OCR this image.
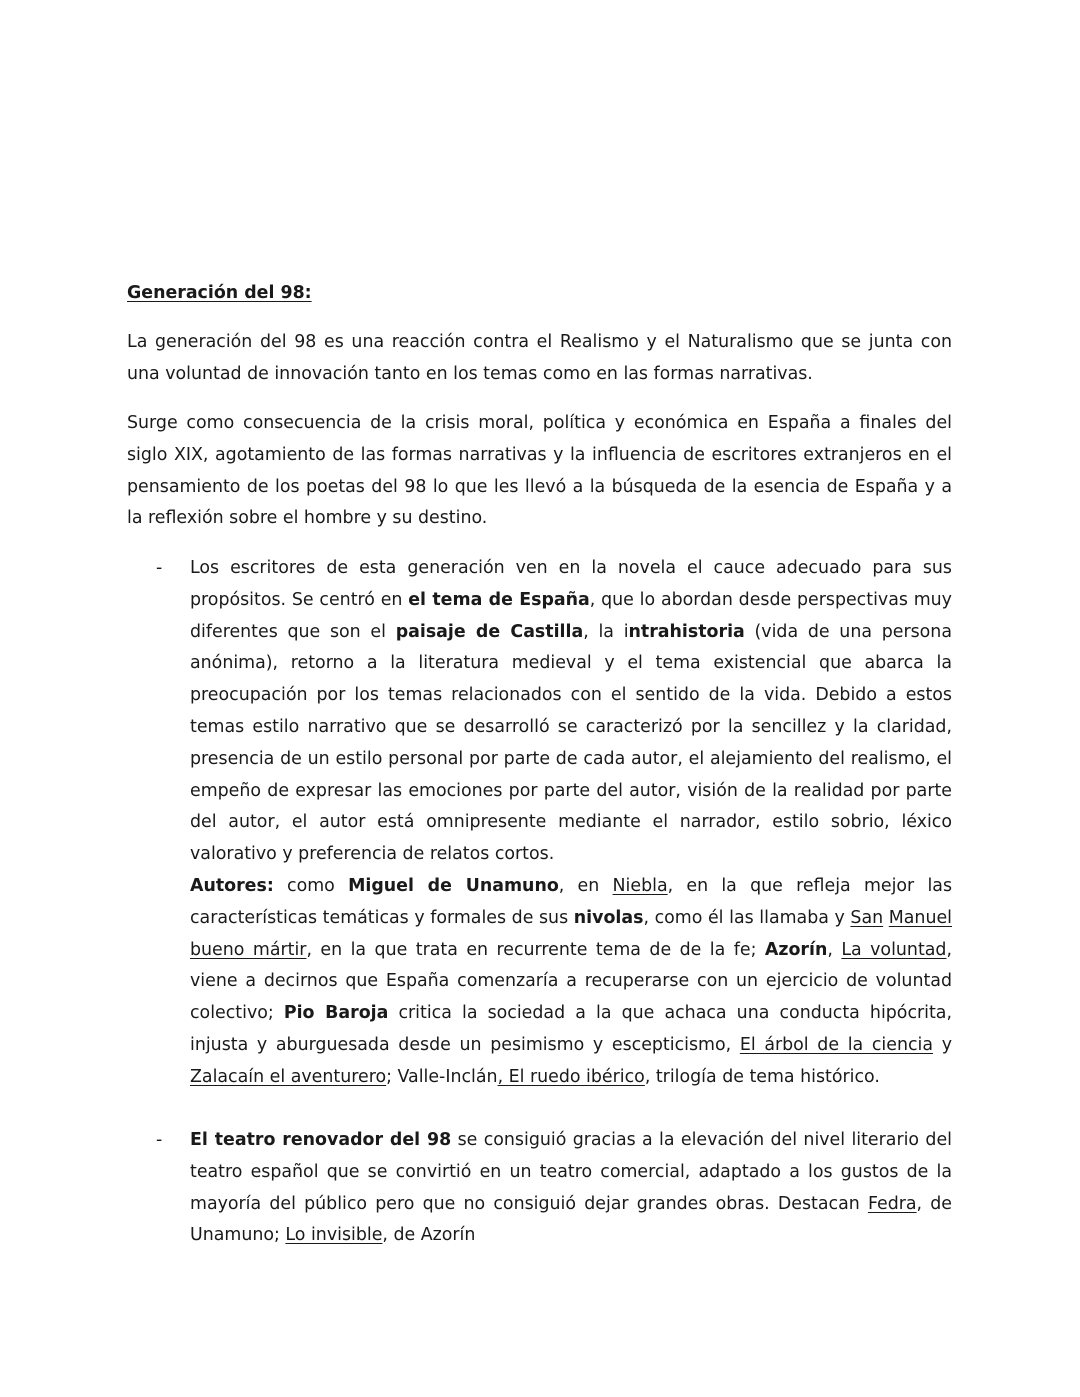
Generación del 98:

La generación del 98 es una reacción contra el Realismo y el Naturalismo que se junta con una voluntad de innovación tanto en los temas como en las formas narrativas.

Surge como consecuencia de la crisis moral, política y económica en España a finales del siglo XIX, agotamiento de las formas narrativas y la influencia de escritores extranjeros en el pensamiento de los poetas del 98 lo que les llevó a la búsqueda de la esencia de España y a la reflexión sobre el hombre y su destino.

- Los escritores de esta generación ven en la novela el cauce adecuado para sus propósitos. Se centró en el tema de España, que lo abordan desde perspectivas muy diferentes que son el paisaje de Castilla, la intrahistoria (vida de una persona anónima), retorno a la literatura medieval y el tema existencial que abarca la preocupación por los temas relacionados con el sentido de la vida. Debido a estos temas estilo narrativo que se desarrolló se caracterizó por la sencillez y la claridad, presencia de un estilo personal por parte de cada autor, el alejamiento del realismo, el empeño de expresar las emociones por parte del autor, visión de la realidad por parte del autor, el autor está omnipresente mediante el narrador, estilo sobrio, léxico valorativo y preferencia de relatos cortos.

Autores: como Miguel de Unamuno, en Niebla, en la que refleja mejor las características temáticas y formales de sus nivolas, como él las llamaba y San Manuel bueno mártir, en la que trata en recurrente tema de de la fe; Azorín, La voluntad, viene a decirnos que España comenzaría a recuperarse con un ejercicio de voluntad colectivo; Pio Baroja critica la sociedad a la que achaca una conducta hipócrita, injusta y aburguesada desde un pesimismo y escepticismo, El árbol de la ciencia y Zalacaín el aventurero; Valle-Inclán, El ruedo ibérico, trilogía de tema histórico.

- El teatro renovador del 98 se consiguió gracias a la elevación del nivel literario del teatro español que se convirtió en un teatro comercial, adaptado a los gustos de la mayoría del público pero que no consiguió dejar grandes obras. Destacan Fedra, de Unamuno; Lo invisible, de Azorín
